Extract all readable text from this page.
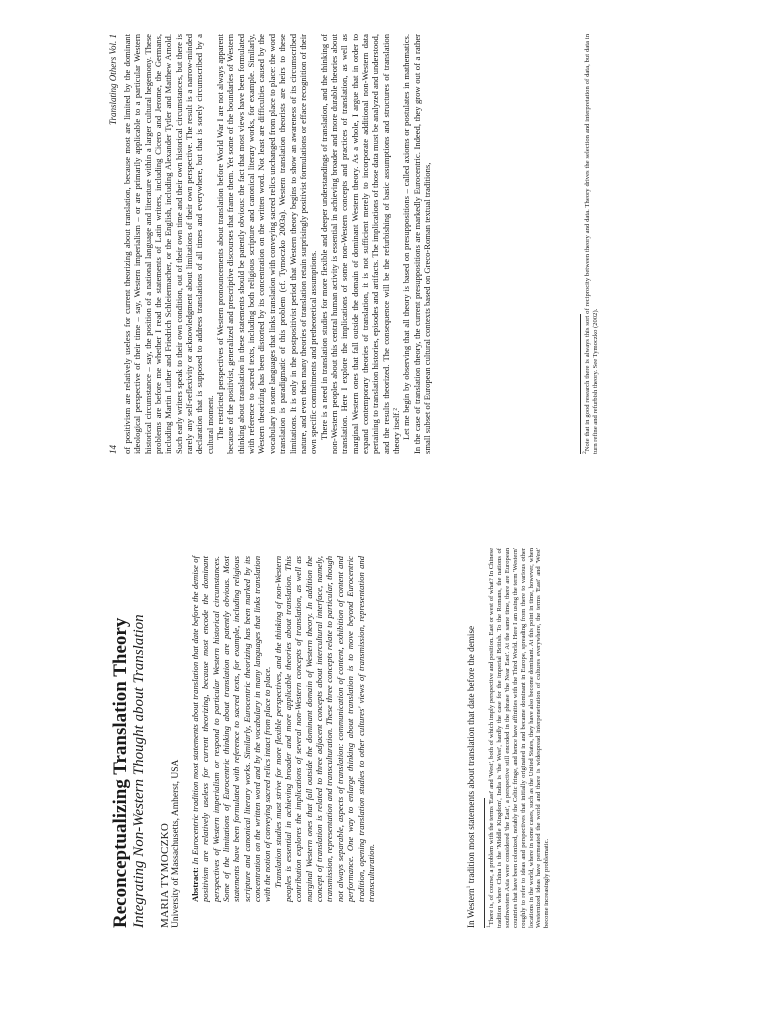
Reconceptualizing Translation Theory Integrating Non-Western Thought about Translation MARIA TYMOCZKO University of Massachusetts, Amherst, USA Abstract: In Eurocentric tradition most statements about translation that date before the demise of positivism are relatively useless for current theorizing, because most encode the dominant perspectives of Western imperialism or respond to particular Western historical circumstances. Some of the limitations of Eurocentric thinking about translation are patently obvious. Most statements have been formulated with reference to sacred texts, for example, including religious scripture and canonical literary works. Similarly, Eurocentric theorizing has been marked by its concentration on the written word and by the vocabulary in many languages that links translation with the notion of conveying sacred relics intact from place to place. Translation studies must strive for more flexible perspectives, and the thinking of non-Western peoples is essential in achieving broader and more applicable theories about translation. This contribution explores the implications of several non-Western concepts of translation, as well as marginal Western ones that fall outside the dominant domain of Western theory. In addition the concept of translation is related to three adjacent concepts about intercultural interface, namely, transmission, representation and transculturation. These three concepts relate to particular, though not always separable, aspects of translation: communication of content, exhibition of content and performance. One way to enlarge thinking about translation is to move beyond Eurocentric tradition, opening translation studies to other cultures' views of transmission, representation and transculturation.

In Western$^1$ tradition most statements about translation that date before the demise
$^1$There is, of course, a problem with the terms 'East' and 'West', both of which imply perspective and position. East or west of what? In Chinese tradition where China is the 'Middle Kingdom', India is 'the West', hardly the case for the imperial British. To the Romans, the nations of southwestern Asia were considered 'the East', a perspective still encoded in the phrase 'the Near East'. At the same time, there are European countries that have been colonized, notably the Celtic fringe, and hence have affinities with the Third World. Here I am using the term 'Western' roughly to refer to ideas and perspectives that initially originated in and became dominant in Europe, spreading from there to various other locations in the world, where in some cases, such as the United States, they have also become dominant. At this point in time, however, when Westernized ideas have permeated the world and there is widespread interpenetration of cultures everywhere, the terms 'East' and 'West' become increasingly problematic.
14
Translating Others Vol. 1 of positivism are relatively useless for current theorizing about translation, because most are limited by the dominant ideological perspective of their time – say, Western imperialism – or are primarily applicable to a particular Western historical circumstance – say, the position of a national language and literature within a larger cultural hegemony. These problems are before me whether I read the statements of Latin writers, including Cicero and Jerome, the Germans, including Martin Luther and Friedrich Schleiermacher, or the English, including Alexander Tytler and Matthew Arnold. Such early writers speak to their own condition, out of their own time and their own historical circumstances, but there is rarely any self-reflexivity or acknowledgment about limitations of their own perspective. The result is a narrow-minded declaration that is supposed to address translations of all times and everywhere, but that is sorely circumscribed by a cultural moment. The restricted perspectives of Western pronouncements about translation before World War I are not always apparent because of the positivist, generalized and prescriptive discourses that frame them. Yet some of the boundaries of Western thinking about translation in these statements should be patently obvious: the fact that most views have been formulated with reference to sacred texts, including both religious scripture and canonical literary works, for example. Similarly, Western theorizing has been distorted by its concentration on the written word. Not least are difficulties caused by the vocabulary in some languages that links translation with conveying sacred relics unchanged from place to place: the word translation is paradigmatic of this problem (cf. Tymoczko 2003a). Western translation theorists are heirs to these limitations. It is only in the postpositivist period that Western theory begins to show an awareness of its circumscribed nature, and even then many theories of translation retain surprisingly positivist formulations or efface recognition of their own specific commitments and pretheoretical assumptions. There is a need in translation studies for more flexible and deeper understandings of translation, and the thinking of non-Western peoples about this central human activity is essential in achieving broader and more durable theories about translation. Here I explore the implications of some non-Western concepts and practices of translation, as well as marginal Western ones that fall outside the domain of dominant Western theory. As a whole, I argue that in order to expand contemporary theories of translation, it is not sufficient merely to incorporate additional non-Western data pertaining to translation histories, episodes and artifacts. The implications of those data must be analyzed and understood, and the results theorized. The consequence will be the refurbishing of basic assumptions and structures of translation theory itself.² Let me begin by observing that all theory is based on presuppositions – called axioms or postulates in mathematics. In the case of translation theory, the current presuppositions are markedly Eurocentric. Indeed, they grow out of a rather small subset of European cultural contexts based on Greco-Roman textual traditions,	$^2$Note that in good research there is always this sort of reciprocity between theory and data. Theory drives the selection and interpretation of data, but data in turn refine and refurbish theory. See Tymoczko (2002).
